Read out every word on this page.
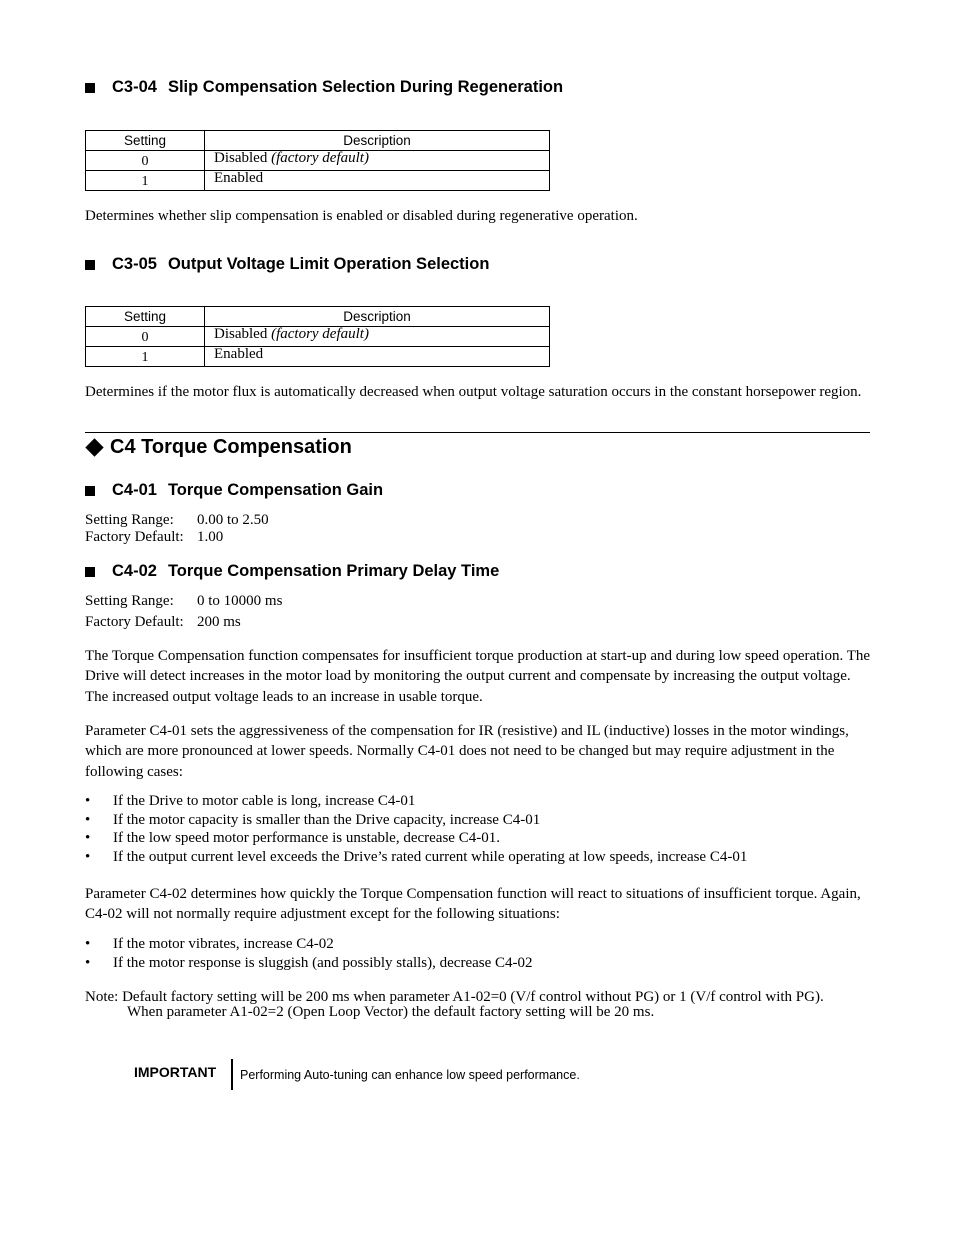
C3-04 Slip Compensation Selection During Regeneration
Setting	Description
0	Disabled (factory default)
1	Enabled
Determines whether slip compensation is enabled or disabled during regenerative operation.
C3-05 Output Voltage Limit Operation Selection
Setting	Description
0	Disabled (factory default)
1	Enabled
Determines if the motor flux is automatically decreased when output voltage saturation occurs in the constant horsepower region.
C4 Torque Compensation
C4-01 Torque Compensation Gain
Setting Range:	0.00 to 2.50
Factory Default: 1.00
C4-02 Torque Compensation Primary Delay Time
Setting Range:	0 to 10000 ms
Factory Default: 200 ms
The Torque Compensation function compensates for insufficient torque production at start-up and during low speed operation. The Drive will detect increases in the motor load by monitoring the output current and compensate by increasing the output voltage. The increased output voltage leads to an increase in usable torque.
Parameter C4-01 sets the aggressiveness of the compensation for IR (resistive) and IL (inductive) losses in the motor windings, which are more pronounced at lower speeds. Normally C4-01 does not need to be changed but may require adjustment in the following cases:
•	If the Drive to motor cable is long, increase C4-01
•	If the motor capacity is smaller than the Drive capacity, increase C4-01
•	If the low speed motor performance is unstable, decrease C4-01.
•	If the output current level exceeds the Drive’s rated current while operating at low speeds, increase C4-01
Parameter C4-02 determines how quickly the Torque Compensation function will react to situations of insufficient torque. Again, C4-02 will not normally require adjustment except for the following situations:
•	If the motor vibrates, increase C4-02
•	If the motor response is sluggish (and possibly stalls), decrease C4-02
Note: Default factory setting will be 200 ms when parameter A1-02=0 (V/f control without PG) or 1 (V/f control with PG).
When parameter A1-02=2 (Open Loop Vector) the default factory setting will be 20 ms.
IMPORTANT Performing Auto-tuning can enhance low speed performance.
